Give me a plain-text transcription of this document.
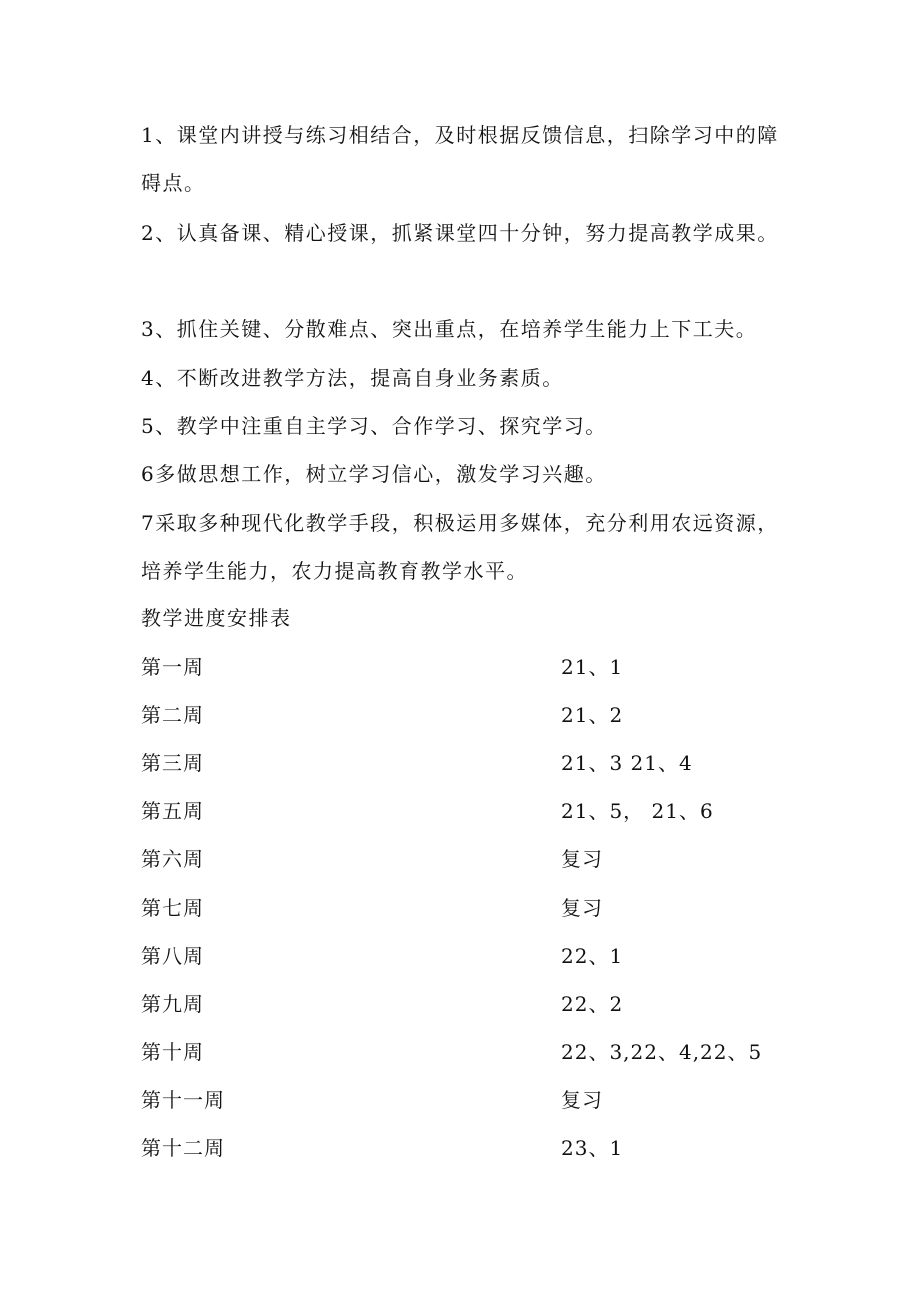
1、课堂内讲授与练习相结合，及时根据反馈信息，扫除学习中的障
碍点。
2、认真备课、精心授课，抓紧课堂四十分钟，努力提高教学成果。
3、抓住关键、分散难点、突出重点，在培养学生能力上下工夫。
4、不断改进教学方法，提高自身业务素质。
5、教学中注重自主学习、合作学习、探究学习。
6多做思想工作，树立学习信心，激发学习兴趣。
7采取多种现代化教学手段，积极运用多媒体，充分利用农远资源，
培养学生能力，农力提高教育教学水平。
教学进度安排表
第一周	21、1
第二周	21、2
第三周	21、3 21、4
第五周	21、5， 21、6
第六周	复习
第七周	复习
第八周	22、1
第九周	22、2
第十周	22、3,22、4,22、5
第十一周	复习
第十二周	23、1
